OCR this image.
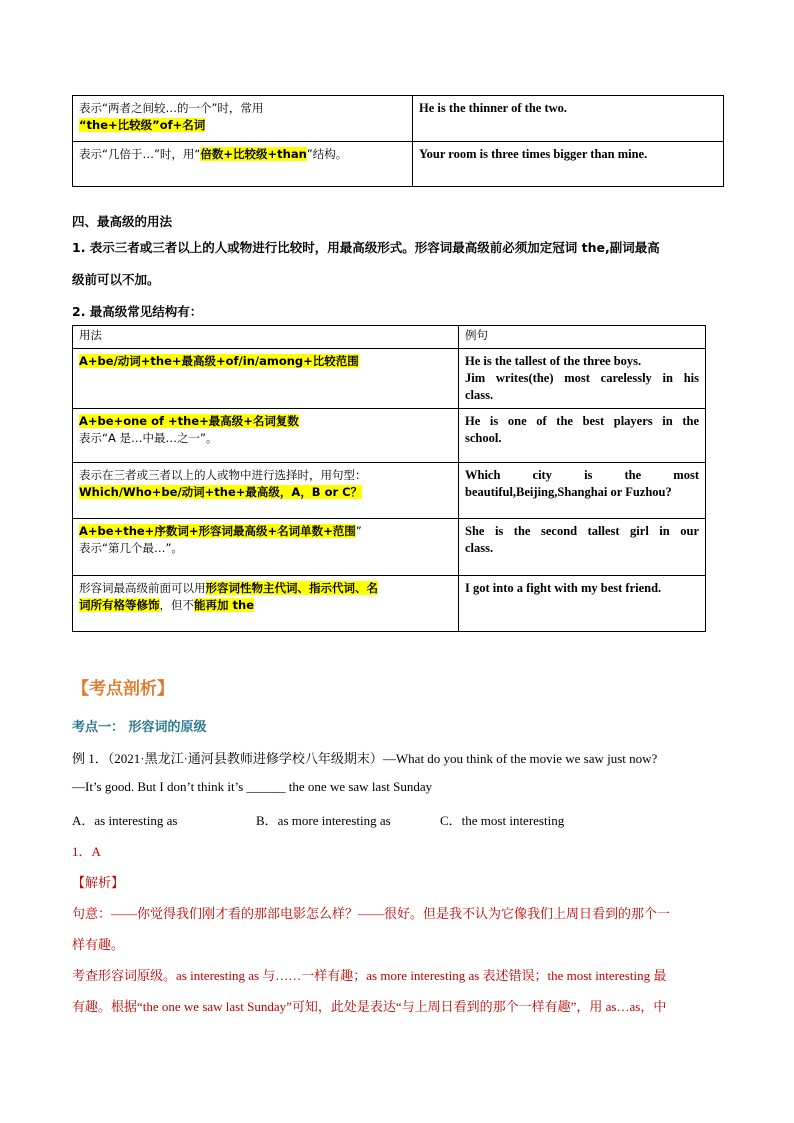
表示“两者之间较…的一个”时，常用
“the+比较级”of+名词	He is the thinner of the two.
表示“几倍于…”时，用“倍数+比较级+than”结构。	Your room is three times bigger than mine.
四、最高级的用法
1. 表示三者或三者以上的人或物进行比较时，用最高级形式。形容词最高级前必须加定冠词 the,副词最高
级前可以不加。
2. 最高级常见结构有：
用法	例句
A+be/动词+the+最高级+of/in/among+比较范围	He is the tallest of the three boys.

Jim writes(the) most carelessly in his
class.
A+be+one of +the+最高级+名词复数
表示“A 是…中最…之一”。	He is one of the best players in the
school.
表示在三者或三者以上的人或物中进行选择时，用句型：
Which/Who+be/动词+the+最高级，A，B or C？	Which city is the most
beautiful,Beijing,Shanghai or Fuzhou?
A+be+the+序数词+形容词最高级+名词单数+范围”
表示“第几个最…”。	She is the second tallest girl in our
class.
形容词最高级前面可以用形容词性物主代词、指示代词、名
词所有格等修饰，但不能再加 the	I got into a fight with my best friend.
【考点剖析】
考点一： 形容词的原级
例 1．（2021·黑龙江·通河县教师进修学校八年级期末）—What do you think of the movie we saw just now?
—It’s good. But I don’t think it’s ______ the one we saw last Sunday
A．as interesting as	B．as more interesting as	C．the most interesting
1．A
【解析】
句意：——你觉得我们刚才看的那部电影怎么样？——很好。但是我不认为它像我们上周日看到的那个一
样有趣。
考查形容词原级。as interesting as 与……一样有趣；as more interesting as 表述错误；the most interesting 最
有趣。根据“the one we saw last Sunday”可知，此处是表达“与上周日看到的那个一样有趣”，用 as…as，中
